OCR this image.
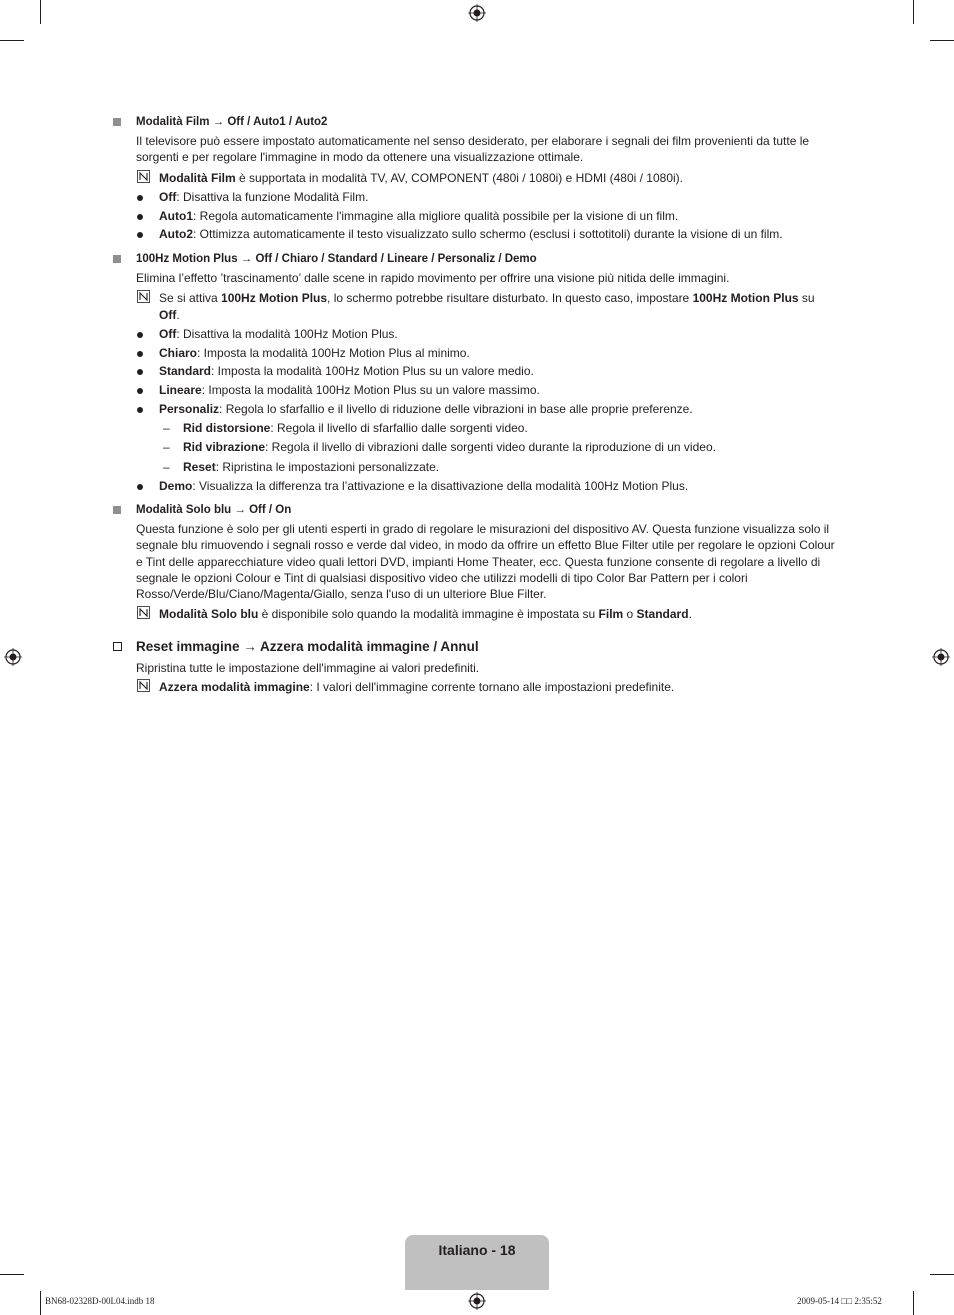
Modalità Film → Off / Auto1 / Auto2
Il televisore può essere impostato automaticamente nel senso desiderato, per elaborare i segnali dei film provenienti da tutte le sorgenti e per regolare l'immagine in modo da ottenere una visualizzazione ottimale.
Modalità Film è supportata in modalità TV, AV, COMPONENT (480i / 1080i) e HDMI (480i / 1080i).
Off: Disattiva la funzione Modalità Film.
Auto1: Regola automaticamente l'immagine alla migliore qualità possibile per la visione di un film.
Auto2: Ottimizza automaticamente il testo visualizzato sullo schermo (esclusi i sottotitoli) durante la visione di un film.
100Hz Motion Plus → Off / Chiaro / Standard / Lineare / Personaliz / Demo
Elimina l’effetto ’trascinamento’ dalle scene in rapido movimento per offrire una visione più nitida delle immagini.
Se si attiva 100Hz Motion Plus, lo schermo potrebbe risultare disturbato. In questo caso, impostare 100Hz Motion Plus su Off.
Off: Disattiva la modalità 100Hz Motion Plus.
Chiaro: Imposta la modalità 100Hz Motion Plus al minimo.
Standard: Imposta la modalità 100Hz Motion Plus su un valore medio.
Lineare: Imposta la modalità 100Hz Motion Plus su un valore massimo.
Personaliz: Regola lo sfarfallio e il livello di riduzione delle vibrazioni in base alle proprie preferenze.
– Rid distorsione: Regola il livello di sfarfallio dalle sorgenti video.
– Rid vibrazione: Regola il livello di vibrazioni dalle sorgenti video durante la riproduzione di un video.
– Reset: Ripristina le impostazioni personalizzate.
Demo: Visualizza la differenza tra l’attivazione e la disattivazione della modalità 100Hz Motion Plus.
Modalità Solo blu → Off / On
Questa funzione è solo per gli utenti esperti in grado di regolare le misurazioni del dispositivo AV. Questa funzione visualizza solo il segnale blu rimuovendo i segnali rosso e verde dal video, in modo da offrire un effetto Blue Filter utile per regolare le opzioni Colour e Tint delle apparecchiature video quali lettori DVD, impianti Home Theater, ecc. Questa funzione consente di regolare a livello di segnale le opzioni Colour e Tint di qualsiasi dispositivo video che utilizzi modelli di tipo Color Bar Pattern per i colori Rosso/Verde/Blu/Ciano/Magenta/Giallo, senza l'uso di un ulteriore Blue Filter.
Modalità Solo blu è disponibile solo quando la modalità immagine è impostata su Film o Standard.
Reset immagine → Azzera modalità immagine / Annul
Ripristina tutte le impostazione dell'immagine ai valori predefiniti.
Azzera modalità immagine: I valori dell'immagine corrente tornano alle impostazioni predefinite.
Italiano - 18
BN68-02328D-00L04.indb 18	2009-05-14 □□ 2:35:52
